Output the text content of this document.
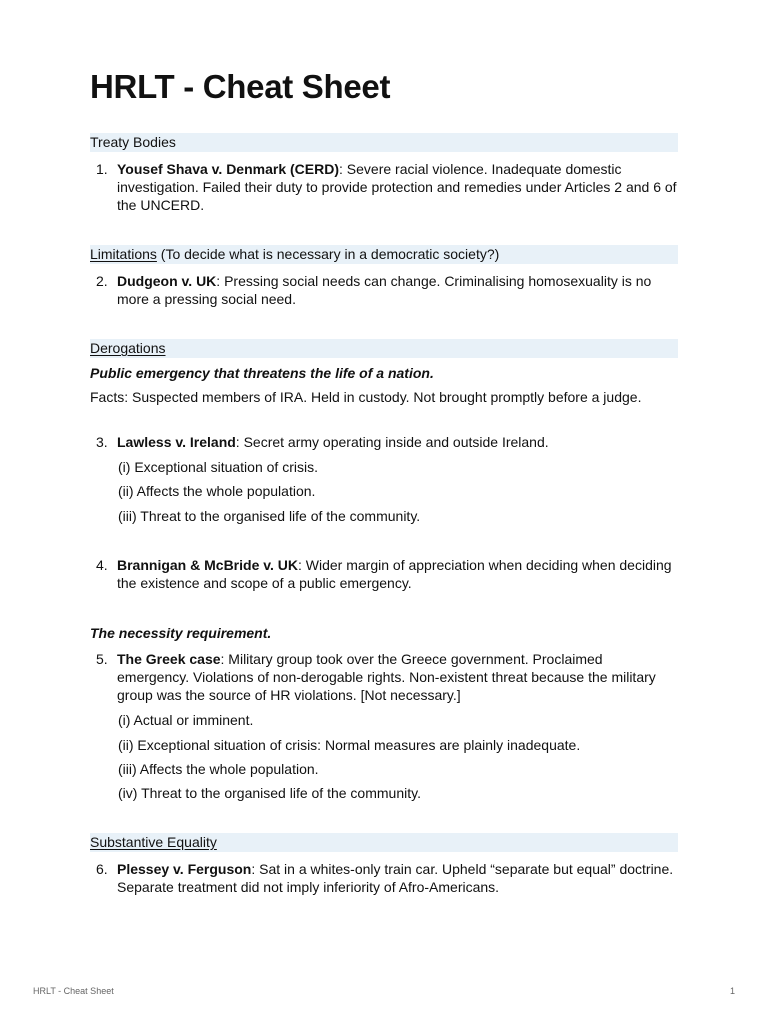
HRLT - Cheat Sheet
Treaty Bodies
1. Yousef Shava v. Denmark (CERD): Severe racial violence. Inadequate domestic investigation. Failed their duty to provide protection and remedies under Articles 2 and 6 of the UNCERD.
Limitations (To decide what is necessary in a democratic society?)
2. Dudgeon v. UK: Pressing social needs can change. Criminalising homosexuality is no more a pressing social need.
Derogations
Public emergency that threatens the life of a nation.
Facts: Suspected members of IRA. Held in custody. Not brought promptly before a judge.
3. Lawless v. Ireland: Secret army operating inside and outside Ireland.
(i) Exceptional situation of crisis.
(ii) Affects the whole population.
(iii) Threat to the organised life of the community.
4. Brannigan & McBride v. UK: Wider margin of appreciation when deciding when deciding the existence and scope of a public emergency.
The necessity requirement.
5. The Greek case: Military group took over the Greece government. Proclaimed emergency. Violations of non-derogable rights. Non-existent threat because the military group was the source of HR violations. [Not necessary.]
(i) Actual or imminent.
(ii) Exceptional situation of crisis: Normal measures are plainly inadequate.
(iii) Affects the whole population.
(iv) Threat to the organised life of the community.
Substantive Equality
6. Plessey v. Ferguson: Sat in a whites-only train car. Upheld “separate but equal” doctrine. Separate treatment did not imply inferiority of Afro-Americans.
HRLT - Cheat Sheet	1
